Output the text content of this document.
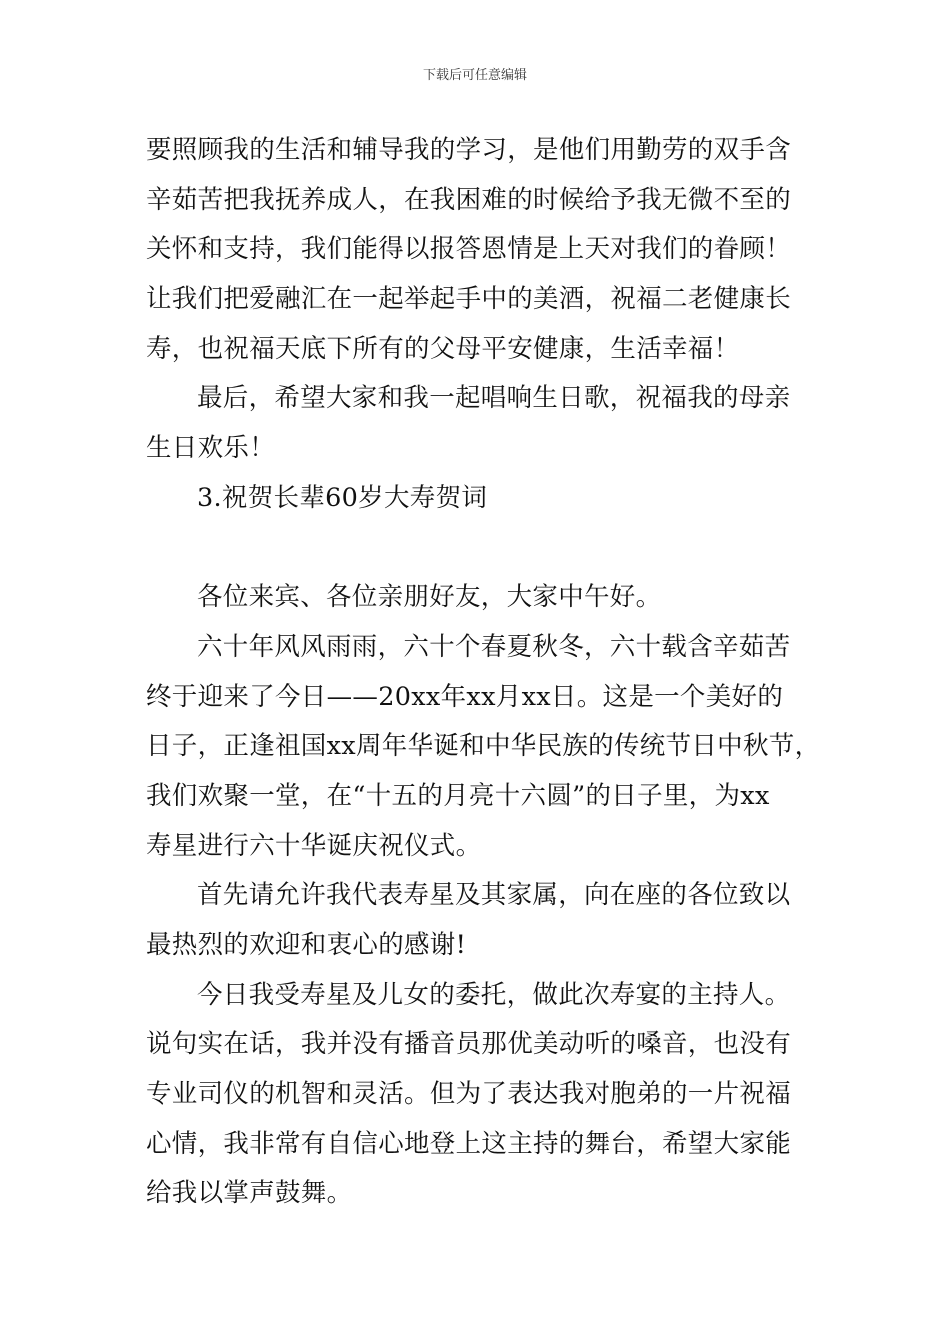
下载后可任意编辑

要照顾我的生活和辅导我的学习，是他们用勤劳的双手含

辛茹苦把我抚养成人，在我困难的时候给予我无微不至的

关怀和支持，我们能得以报答恩情是上天对我们的眷顾！

让我们把爱融汇在一起举起手中的美酒，祝福二老健康长

寿，也祝福天底下所有的父母平安健康，生活幸福！

最后，希望大家和我一起唱响生日歌，祝福我的母亲

生日欢乐！

3.祝贺长辈60岁大寿贺词

各位来宾、各位亲朋好友，大家中午好。

六十年风风雨雨，六十个春夏秋冬，六十载含辛茹苦

终于迎来了今日——20xx年xx月xx日。这是一个美好的

日子，正逢祖国xx周年华诞和中华民族的传统节日中秋节，

我们欢聚一堂，在“十五的月亮十六圆”的日子里，为xx

寿星进行六十华诞庆祝仪式。

首先请允许我代表寿星及其家属，向在座的各位致以

最热烈的欢迎和衷心的感谢!

今日我受寿星及儿女的委托，做此次寿宴的主持人。

说句实在话，我并没有播音员那优美动听的嗓音，也没有

专业司仪的机智和灵活。但为了表达我对胞弟的一片祝福

心情，我非常有自信心地登上这主持的舞台，希望大家能

给我以掌声鼓舞。
